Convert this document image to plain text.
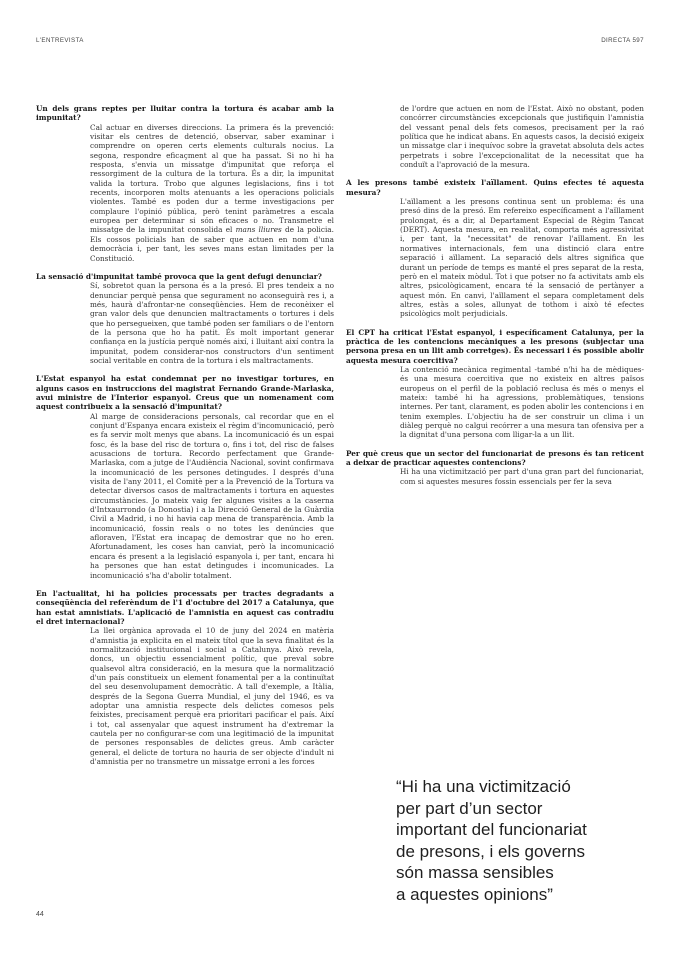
L'ENTREVISTA	DIRECTA 597

Un dels grans reptes per lluitar contra la tortura és acabar amb la impunitat?

Cal actuar en diverses direccions. La primera és la prevenció: visitar els centres de detenció, observar, saber examinar i comprendre on operen certs elements culturals nocius. La segona, respondre eficaçment al que ha passat. Si no hi ha resposta, s'envia un missatge d'impunitat que reforça el ressorgiment de la cultura de la tortura. És a dir, la impunitat valida la tortura. Trobo que algunes legislacions, fins i tot recents, incorporen molts atenuants a les operacions policials violentes. També es poden dur a terme investigacions per complaure l'opinió pública, però tenint paràmetres a escala europea per determinar si són eficaces o no. Transmetre el missatge de la impunitat consolida el mans lliures de la policia. Els cossos policials han de saber que actuen en nom d'una democràcia i, per tant, les seves mans estan limitades per la Constitució.

La sensació d'impunitat també provoca que la gent defugi denunciar?

Sí, sobretot quan la persona és a la presó. El pres tendeix a no denunciar perquè pensa que segurament no aconseguirà res i, a més, haurà d'afrontar-ne conseqüències. Hem de reconèixer el gran valor dels que denuncien maltractaments o tortures i dels que ho persegueixen, que també poden ser familiars o de l'entorn de la persona que ho ha patit. És molt important generar confiança en la justícia perquè només així, i lluitant així contra la impunitat, podem considerar-nos constructors d'un sentiment social veritable en contra de la tortura i els maltractaments.

L'Estat espanyol ha estat condemnat per no investigar tortures, en alguns casos en instruccions del magistrat Fernando Grande-Marlaska, avui ministre de l'Interior espanyol. Creus que un nomenament com aquest contribueix a la sensació d'impunitat?

Al marge de consideracions personals, cal recordar que en el conjunt d'Espanya encara existeix el règim d'incomunicació, però es fa servir molt menys que abans. La incomunicació és un espai fosc, és la base del risc de tortura o, fins i tot, del risc de falses acusacions de tortura. Recordo perfectament que Grande-Marlaska, com a jutge de l'Audiència Nacional, sovint confirmava la incomunicació de les persones detingudes. I després d'una visita de l'any 2011, el Comitè per a la Prevenció de la Tortura va detectar diversos casos de maltractaments i tortura en aquestes circumstàncies. Jo mateix vaig fer algunes visites a la caserna d'Intxaurrondo (a Donostia) i a la Direcció General de la Guàrdia Civil a Madrid, i no hi havia cap mena de transparència. Amb la incomunicació, fossin reals o no totes les denúncies que afloraven, l'Estat era incapaç de demostrar que no ho eren. Afortunadament, les coses han canviat, però la incomunicació encara és present a la legislació espanyola i, per tant, encara hi ha persones que han estat detingudes i incomunicades. La incomunicació s'ha d'abolir totalment.

En l'actualitat, hi ha policies processats per tractes degradants a conseqüència del referèndum de l'1 d'octubre del 2017 a Catalunya, que han estat amnistiats. L'aplicació de l'amnistia en aquest cas contradiu el dret internacional?

La llei orgànica aprovada el 10 de juny del 2024 en matèria d'amnistia ja explicita en el mateix títol que la seva finalitat és la normalització institucional i social a Catalunya. Això revela, doncs, un objectiu essencialment polític, que preval sobre qualsevol altra consideració, en la mesura que la normalització d'un país constitueix un element fonamental per a la continuïtat del seu desenvolupament democràtic. A tall d'exemple, a Itàlia, després de la Segona Guerra Mundial, el juny del 1946, es va adoptar una amnistia respecte dels delictes comesos pels feixistes, precisament perquè era prioritari pacificar el país. Així i tot, cal assenyalar que aquest instrument ha d'extremar la cautela per no configurar-se com una legitimació de la impunitat de persones responsables de delictes greus. Amb caràcter general, el delicte de tortura no hauria de ser objecte d'indult ni d'amnistia per no transmetre un missatge erroni a les forces

de l'ordre que actuen en nom de l'Estat. Això no obstant, poden concórrer circumstàncies excepcionals que justifiquin l'amnistia del vessant penal dels fets comesos, precisament per la raó política que he indicat abans. En aquests casos, la decisió exigeix un missatge clar i inequívoc sobre la gravetat absoluta dels actes perpetrats i sobre l'excepcionalitat de la necessitat que ha conduït a l'aprovació de la mesura.

A les presons també existeix l'aïllament. Quins efectes té aquesta mesura?

L'aïllament a les presons continua sent un problema: és una presó dins de la presó. Em refereixo específicament a l'aïllament prolongat, és a dir, al Departament Especial de Règim Tancat (DERT). Aquesta mesura, en realitat, comporta més agressivitat i, per tant, la "necessitat" de renovar l'aïllament. En les normatives internacionals, fem una distinció clara entre separació i aïllament. La separació dels altres significa que durant un període de temps es manté el pres separat de la resta, però en el mateix mòdul. Tot i que potser no fa activitats amb els altres, psicològicament, encara té la sensació de pertànyer a aquest món. En canvi, l'aïllament el separa completament dels altres, estàs a soles, allunyat de tothom i això té efectes psicològics molt perjudicials.

El CPT ha criticat l'Estat espanyol, i específicament Catalunya, per la pràctica de les contencions mecàniques a les presons (subjectar una persona presa en un llit amb corretges). És necessari i és possible abolir aquesta mesura coercitiva?

La contenció mecànica regimental -també n'hi ha de mèdiques- és una mesura coercitiva que no existeix en altres països europeus on el perfil de la població reclusa és més o menys el mateix: també hi ha agressions, problemàtiques, tensions internes. Per tant, clarament, es poden abolir les contencions i en tenim exemples. L'objectiu ha de ser construir un clima i un diàleg perquè no calgui recórrer a una mesura tan ofensiva per a la dignitat d'una persona com lligar-la a un llit.

Per què creus que un sector del funcionariat de presons és tan reticent a deixar de practicar aquestes contencions?

Hi ha una victimització per part d'una gran part del funcionariat, com si aquestes mesures fossin essencials per fer la seva

“Hi ha una victimització
per part d’un sector
important del funcionariat
de presons, i els governs
són massa sensibles
a aquestes opinions”
44
